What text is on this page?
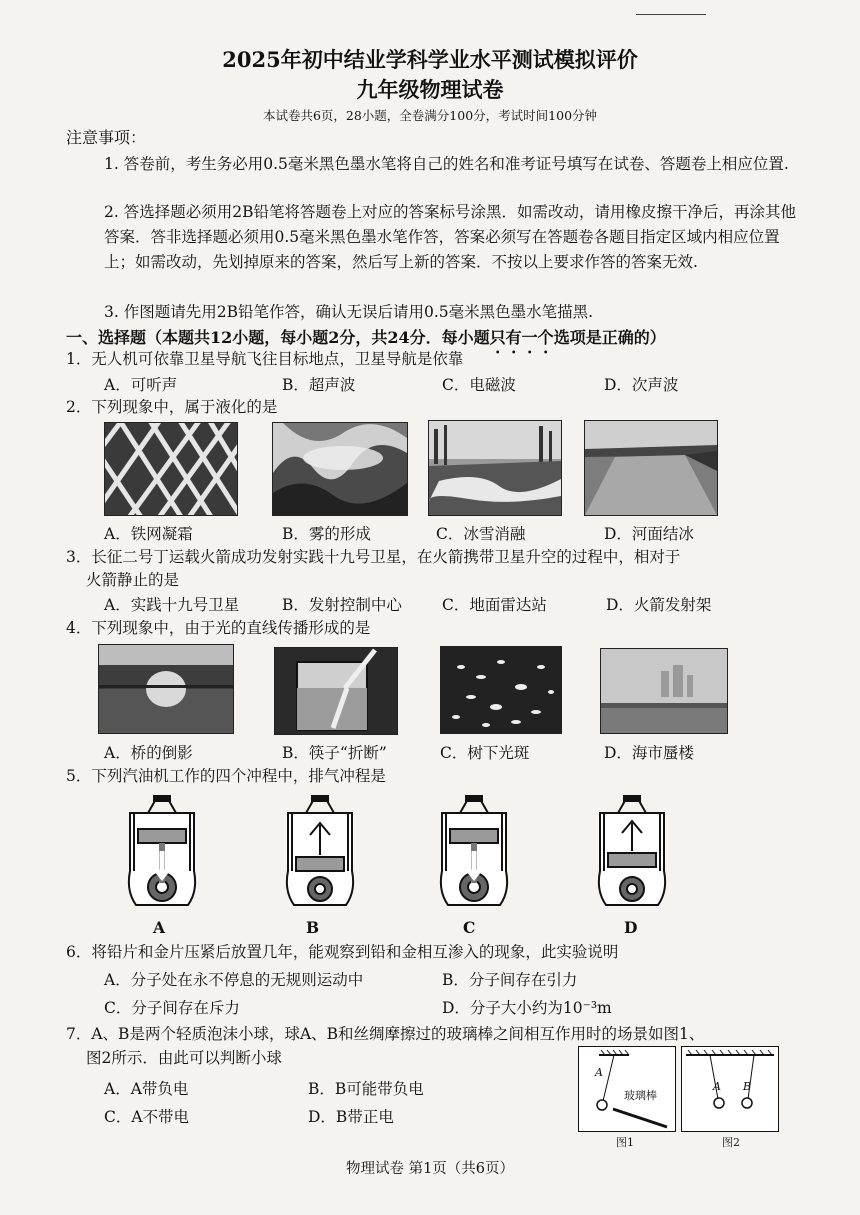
2025年初中结业学科学业水平测试模拟评价
九年级物理试卷
本试卷共6页，28小题，全卷满分100分，考试时间100分钟
注意事项：
1. 答卷前，考生务必用0.5毫米黑色墨水笔将自己的姓名和准考证号填写在试卷、答题卷上相应位置.
2. 答选择题必须用2B铅笔将答题卷上对应的答案标号涂黑．如需改动，请用橡皮擦干净后，再涂其他答案．答非选择题必须用0.5毫米黑色墨水笔作答，答案必须写在答题卷各题目指定区域内相应位置上；如需改动，先划掉原来的答案，然后写上新的答案．不按以上要求作答的答案无效.
3. 作图题请先用2B铅笔作答，确认无误后请用0.5毫米黑色墨水笔描黑.
一、选择题（本题共12小题，每小题2分，共24分．每小题只有一个选项是正确的）
1．无人机可依靠卫星导航飞往目标地点，卫星导航是依靠
A．可听声	B．超声波	C．电磁波	D．次声波
2．下列现象中，属于液化的是
A．铁网凝霜	B．雾的形成	C．冰雪消融	D．河面结冰
3．长征二号丁运载火箭成功发射实践十九号卫星，在火箭携带卫星升空的过程中，相对于
火箭静止的是
A．实践十九号卫星	B．发射控制中心	C．地面雷达站	D．火箭发射架
4．下列现象中，由于光的直线传播形成的是
A．桥的倒影	B．筷子“折断”	C．树下光斑	D．海市蜃楼
5．下列汽油机工作的四个冲程中，排气冲程是
A	B	C	D
6．将铅片和金片压紧后放置几年，能观察到铅和金相互渗入的现象，此实验说明
A．分子处在永不停息的无规则运动中	B．分子间存在引力
C．分子间存在斥力	D．分子大小约为10⁻³m
7．A、B是两个轻质泡沫小球，球A、B和丝绸摩擦过的玻璃棒之间相互作用时的场景如图1、
图2所示．由此可以判断小球
A．A带负电	B．B可能带负电
C．A不带电	D．B带正电
A
玻璃棒
图1
A B
图2
物理试卷 第1页（共6页）
